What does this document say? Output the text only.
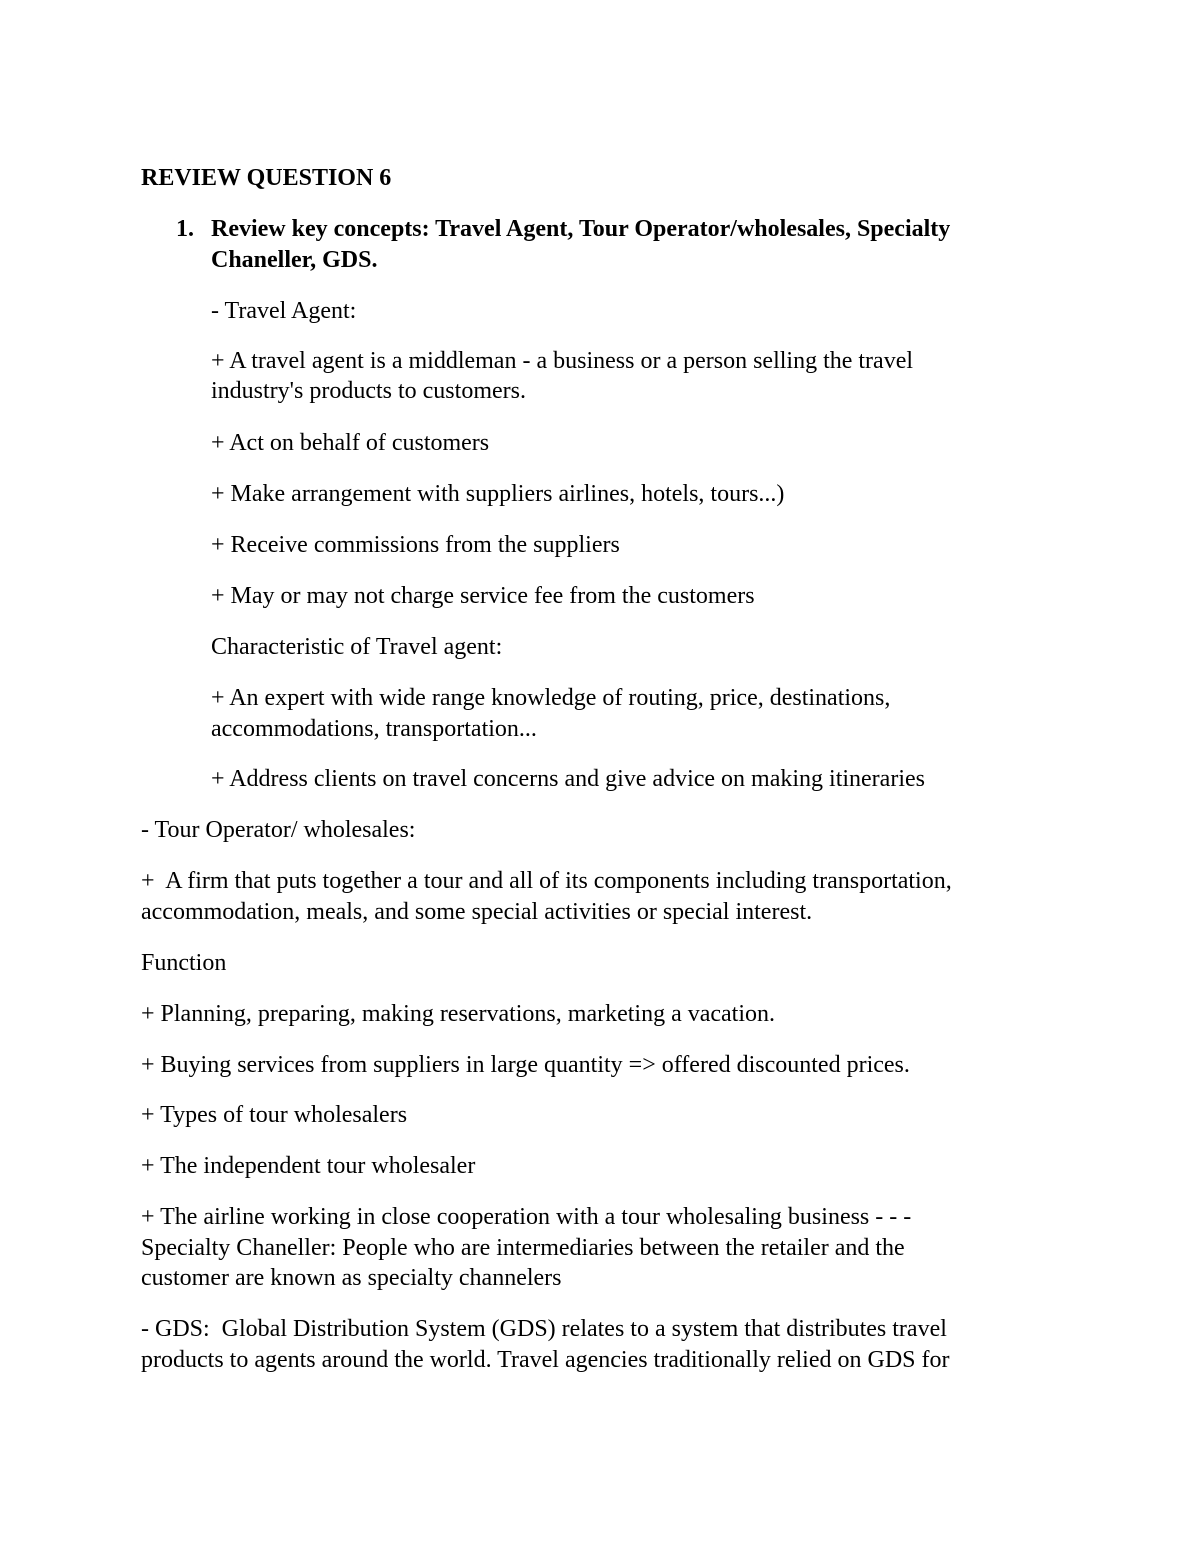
REVIEW QUESTION 6

1. Review key concepts: Travel Agent, Tour Operator/wholesales, Specialty

Chaneller, GDS.

- Travel Agent:

+ A travel agent is a middleman - a business or a person selling the travel

industry's products to customers.

+ Act on behalf of customers

+ Make arrangement with suppliers airlines, hotels, tours...)

+ Receive commissions from the suppliers

+ May or may not charge service fee from the customers

Characteristic of Travel agent:

+ An expert with wide range knowledge of routing, price, destinations,

accommodations, transportation...

+ Address clients on travel concerns and give advice on making itineraries

- Tour Operator/ wholesales:

+  A firm that puts together a tour and all of its components including transportation,

accommodation, meals, and some special activities or special interest.

Function

+ Planning, preparing, making reservations, marketing a vacation.

+ Buying services from suppliers in large quantity => offered discounted prices.

+ Types of tour wholesalers

+ The independent tour wholesaler

+ The airline working in close cooperation with a tour wholesaling business - - -

Specialty Chaneller: People who are intermediaries between the retailer and the

customer are known as specialty channelers

- GDS:  Global Distribution System (GDS) relates to a system that distributes travel

products to agents around the world. Travel agencies traditionally relied on GDS for
